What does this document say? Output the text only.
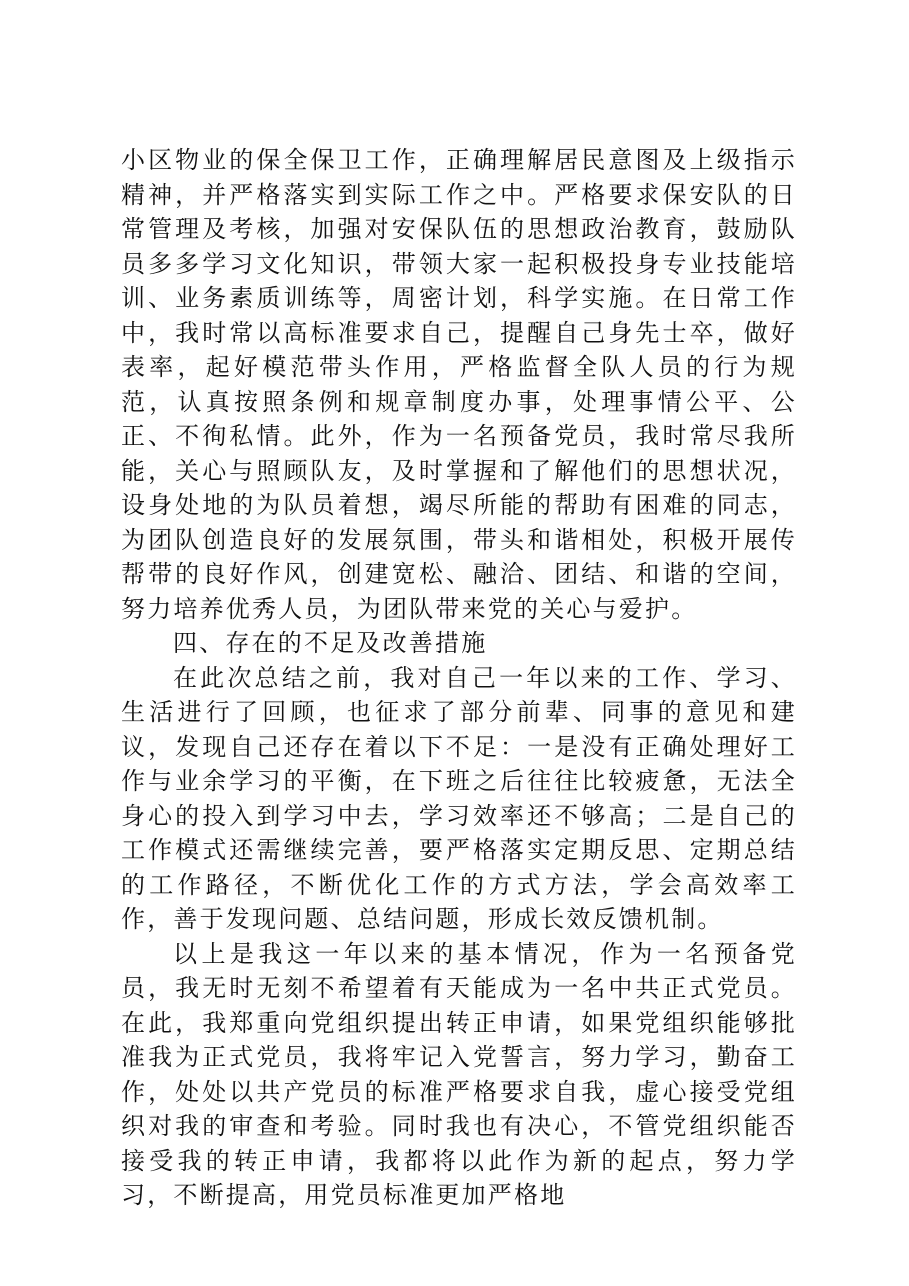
小区物业的保全保卫工作，正确理解居民意图及上级指示精神，并严格落实到实际工作之中。严格要求保安队的日常管理及考核，加强对安保队伍的思想政治教育，鼓励队员多多学习文化知识，带领大家一起积极投身专业技能培训、业务素质训练等，周密计划，科学实施。在日常工作中，我时常以高标准要求自己，提醒自己身先士卒，做好表率，起好模范带头作用，严格监督全队人员的行为规范，认真按照条例和规章制度办事，处理事情公平、公正、不徇私情。此外，作为一名预备党员，我时常尽我所能，关心与照顾队友，及时掌握和了解他们的思想状况，设身处地的为队员着想，竭尽所能的帮助有困难的同志，为团队创造良好的发展氛围，带头和谐相处，积极开展传帮带的良好作风，创建宽松、融洽、团结、和谐的空间，努力培养优秀人员，为团队带来党的关心与爱护。

四、存在的不足及改善措施

在此次总结之前，我对自己一年以来的工作、学习、生活进行了回顾，也征求了部分前辈、同事的意见和建议，发现自己还存在着以下不足：一是没有正确处理好工作与业余学习的平衡，在下班之后往往比较疲惫，无法全身心的投入到学习中去，学习效率还不够高；二是自己的工作模式还需继续完善，要严格落实定期反思、定期总结的工作路径，不断优化工作的方式方法，学会高效率工作，善于发现问题、总结问题，形成长效反馈机制。

以上是我这一年以来的基本情况，作为一名预备党员，我无时无刻不希望着有天能成为一名中共正式党员。在此，我郑重向党组织提出转正申请，如果党组织能够批准我为正式党员，我将牢记入党誓言，努力学习，勤奋工作，处处以共产党员的标准严格要求自我，虚心接受党组织对我的审查和考验。同时我也有决心，不管党组织能否接受我的转正申请，我都将以此作为新的起点，努力学习，不断提高，用党员标准更加严格地
